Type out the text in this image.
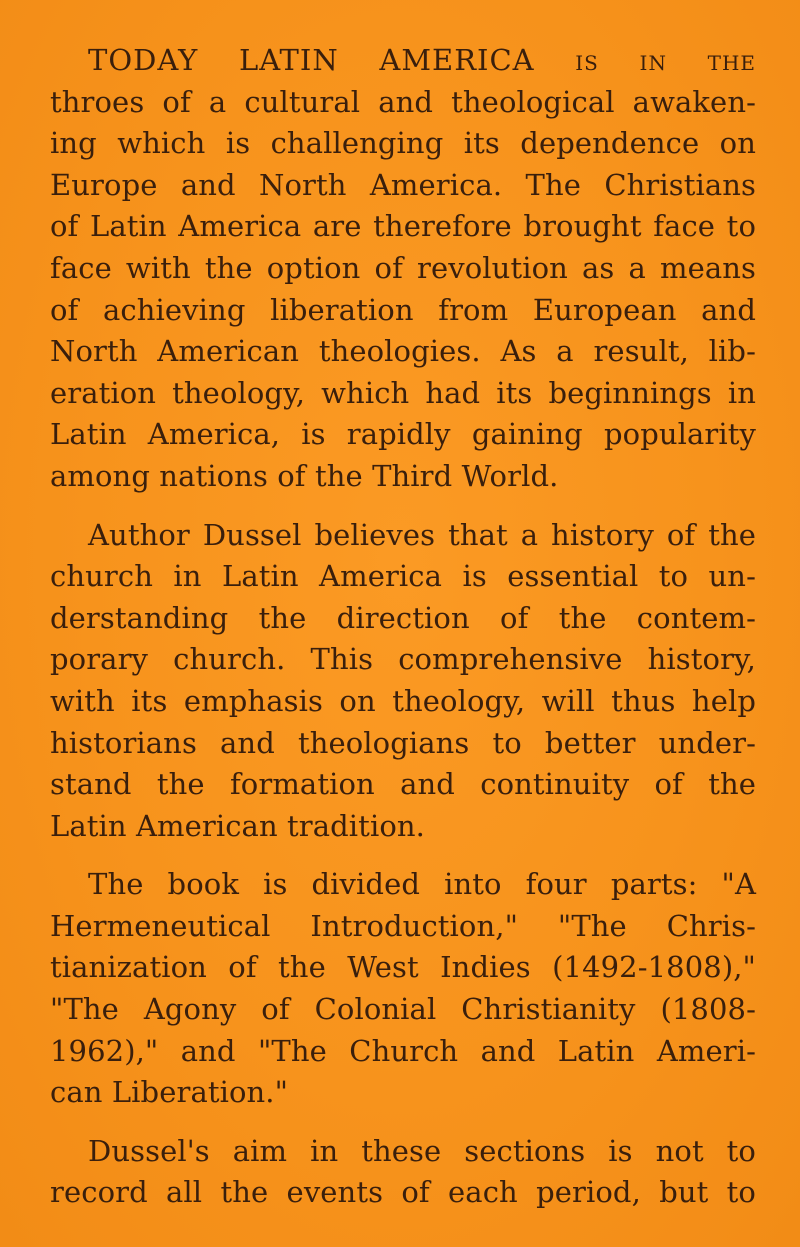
TODAY LATIN AMERICA is in the
throes of a cultural and theological awaken-
ing which is challenging its dependence on
Europe and North America. The Christians
of Latin America are therefore brought face to
face with the option of revolution as a means
of achieving liberation from European and
North American theologies. As a result, lib-
eration theology, which had its beginnings in
Latin America, is rapidly gaining popularity
among nations of the Third World.
Author Dussel believes that a history of the
church in Latin America is essential to un-
derstanding the direction of the contem-
porary church. This comprehensive history,
with its emphasis on theology, will thus help
historians and theologians to better under-
stand the formation and continuity of the
Latin American tradition.
The book is divided into four parts: "A
Hermeneutical Introduction," "The Chris-
tianization of the West Indies (1492-1808),"
"The Agony of Colonial Christianity (1808-
1962)," and "The Church and Latin Ameri-
can Liberation."
Dussel's aim in these sections is not to
record all the events of each period, but to
